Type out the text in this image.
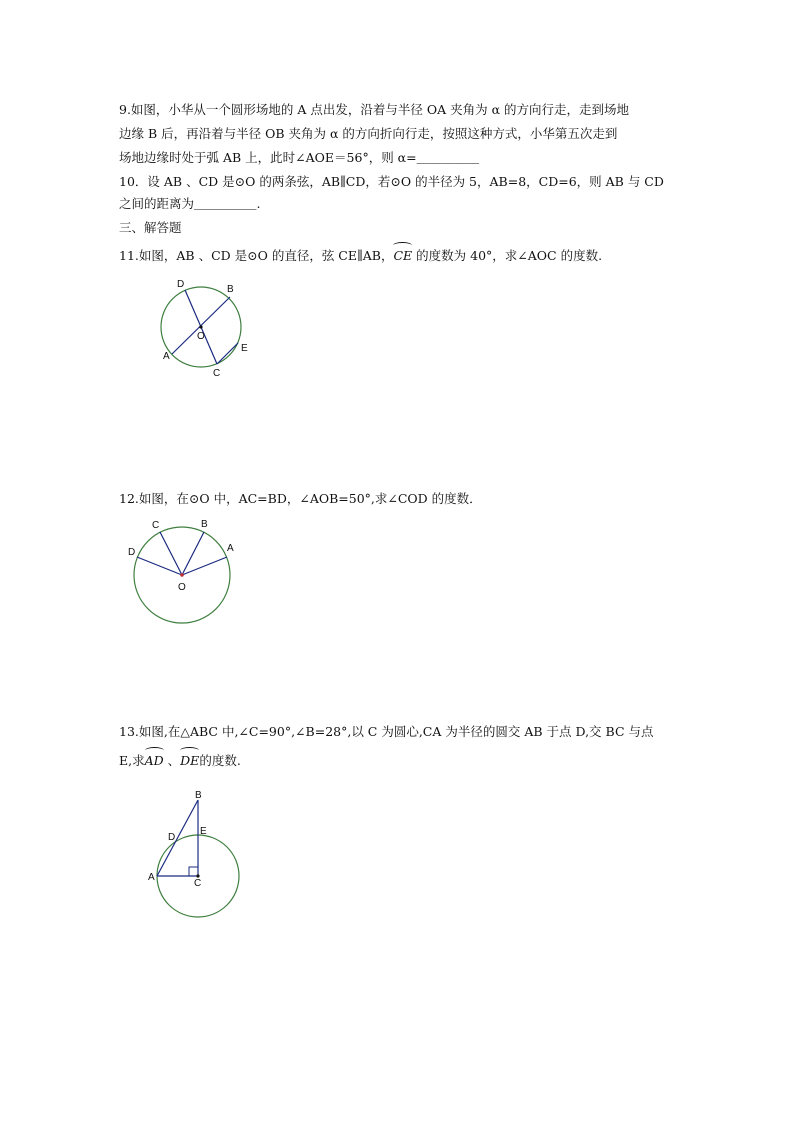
9.如图，小华从一个圆形场地的 A 点出发，沿着与半径 OA 夹角为 α 的方向行走，走到场地
边缘 B 后，再沿着与半径 OB 夹角为 α 的方向折向行走，按照这种方式，小华第五次走到
场地边缘时处于弧 AB 上，此时∠AOE＝56°，则 α=＿＿＿＿＿
10．设 AB 、CD 是⊙O 的两条弦，AB∥CD，若⊙O 的半径为 5，AB=8，CD=6，则 AB 与 CD
之间的距离为＿＿＿＿＿.
三、解答题
11.如图，AB 、CD 是⊙O 的直径，弦 CE∥AB，CE 的度数为 40°，求∠AOC 的度数.
D	B
O
A
E
C
12.如图，在⊙O 中，AC=BD，∠AOB=50°,求∠COD 的度数．
C	B
D	A
O
13.如图,在△ABC 中,∠C=90°,∠B=28°,以 C 为圆心,CA 为半径的圆交 AB 于点 D,交 BC 与点
E,求AD 、DE的度数.
B
E
D
A
C
